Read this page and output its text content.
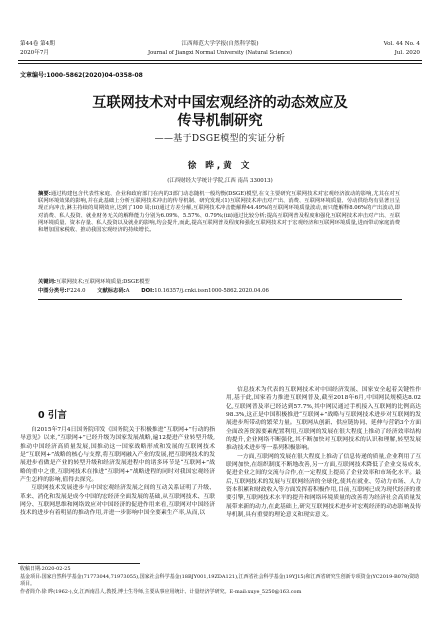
第44卷 第4期
2020年7月
江西师范大学学报(自然科学版)
Journal of Jiangxi Normal University (Natural Science)
Vol. 44 No. 4
Jul. 2020
文章编号:1000-5862(2020)04-0358-08
互联网技术对中国宏观经济的动态效应及
传导机制研究
——基于DSGE模型的实证分析
徐 晔,黄 文
(江西财经大学统计学院,江西 南昌 330013)
摘要:通过构建包含代表性家庭、企业和政府部门在内的3部门动态随机一般均衡(DSGE)模型,在文主要研究互联网技术对宏观经济波动的影响,尤其在对互联网环境效果的影响,并在此基础上分析互联网技术冲击的传导机制、研究发现:(1)互联网技术冲击对产出、消费、互联网环境质量、劳动供给均有显著且呈现正向冲击,淋主持续的周期效应,达到了100 周;(ii)通过方差分解,互联网技术冲击能解释44.49%的互联网环境质量波动,而只能解释8.06%的产出波动,即对消费、私人投资、就业财务无关的解释能力分别为6.09%、5.57%、0.79%;(iii)通过比较分析;提高互联网普及程度和强化互联网技术冲击对产出、互联网环境质量、资本存量、私人投资以及就业的影响,均会提升,而此,提高互联网普及程度和强化互联网技术对于宏观经济和互联网环境质量,进而带动家庭消费和增加国家税收、推动我国宏观经济的持续增长。
关键词:互联网技术;互联网环境质量;DSGE模型
中图分类号:F224.0 文献标志码:A DOI:10.16357/j.cnki.issn1000-5862.2020.04.06
0 引言
自2015年7月4日国务院印发《国务院关于积极推进“互联网+”行动的指导意见》以来,“互联网+”已经升级为国家发展战略,遍12提进产业转型升级,推动中国经济高质量发展,国推动这一国家战略形成和发展的互联网技术是“互联网+”战略的核心与支撑,将互联网融入产业的发展,把互联网技术的发展进步看做是产业的转型升级和经济发展进程中的诸多环节是“互联网+”战略的重中之重,互联网技术在推进“互联网+”战略进程的同时对我国宏观经济产生怎样的影响,值得去探究。
互联网技术发展进步与中国宏观经济发展之间的互动关系证明了升级、革来、消化和发展是成今中国的宏经济全面发展的基础,从互联网技术、互联网分、互联网思维和网络效应对中国经济的促进作用来看,互联网对中国经济技术的进步有着明显的推动作用,并进一步影响中国全要素生产率,从而,以
信息技术为代表的互联网技术对中国经济发展、国家安全起着关键性作用,基于此,国家着力推进互联网普及,截至2018年6月,中国网民规模达8.02亿,互联网普及率已经达到57.7%,其中网民通过手机接入互联网的比例高达98.3%,这正是中国积极推进“互联网+”战略与互联网技术进步对互联网的发展进步所带动的繁荣力量。互联网从创新、供应链协同、延伸与营销3个方面全面改善资源要素配置利用,互联网的发展在很大程度上推动了经济效率结构的提升,企业网络不断强化,其不断加快对互联网技术的认识和理解,转型发展推动技术进步等一系列积极影响。
一方面,互联网的发展在很大程度上推动了信息传递的质量,企业利用了互联网加快,在组织制度不断地改善,另一方面,互联网技术降低了企业交易成本,促进企业之间的交流与合作,在一定程度上提高了企业效率和市场化水平。最后,互联网技术的发展与互联网经济的全球化,使其在就业、劳动力市场、人力资本积累和财政收入等方面发挥着积极作用,目前,互联网已成为现代经济的重要引擎,互联网技术水平的提升和网络环境质量的改善将为经济社会高质量发展带来新的动力,在此基础上,研究互联网技术进步对宏观经济的动态影响及传导机制,具有重要的理论意义和现实意义。

收稿日期:2020-02-25

基金项目:国家自然科学基金(71773044,71973055),国家社会科学基金(18BJY001,19ZDA121),江西省社会科学基金(19YJ15)和江西省研究生创新专项资金(YC2019-B078)资助项目。

作者简介:徐 晔(1962-),女,江西南昌人,教授,博士生导师,主要从事应用统计、计量经济学研究。E-mail:xuye_5250@163.com
